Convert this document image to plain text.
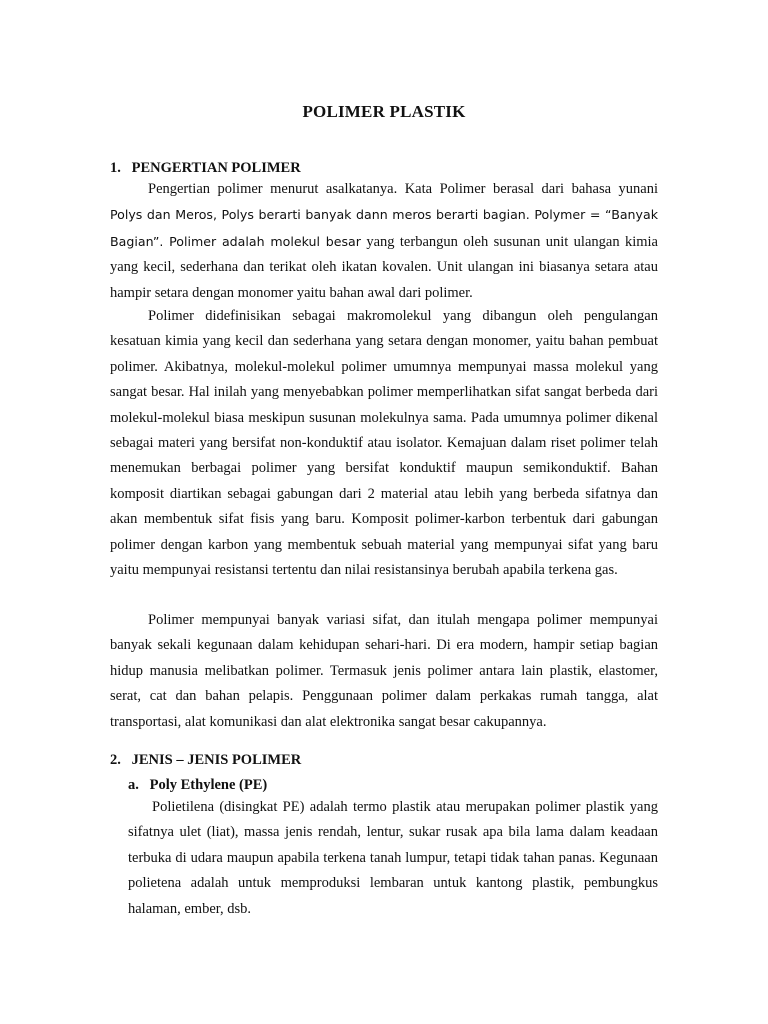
POLIMER PLASTIK
1. PENGERTIAN POLIMER

Pengertian polimer menurut asalkatanya. Kata Polimer berasal dari bahasa yunani Polys dan Meros, Polys berarti banyak dann meros berarti bagian. Polymer = “Banyak Bagian”. Polimer adalah molekul besar yang terbangun oleh susunan unit ulangan kimia yang kecil, sederhana dan terikat oleh ikatan kovalen. Unit ulangan ini biasanya setara atau hampir setara dengan monomer yaitu bahan awal dari polimer.

Polimer didefinisikan sebagai makromolekul yang dibangun oleh pengulangan kesatuan kimia yang kecil dan sederhana yang setara dengan monomer, yaitu bahan pembuat polimer. Akibatnya, molekul-molekul polimer umumnya mempunyai massa molekul yang sangat besar. Hal inilah yang menyebabkan polimer memperlihatkan sifat sangat berbeda dari molekul-molekul biasa meskipun susunan molekulnya sama. Pada umumnya polimer dikenal sebagai materi yang bersifat non-konduktif atau isolator. Kemajuan dalam riset polimer telah menemukan berbagai polimer yang bersifat konduktif maupun semikonduktif. Bahan komposit diartikan sebagai gabungan dari 2 material atau lebih yang berbeda sifatnya dan akan membentuk sifat fisis yang baru. Komposit polimer-karbon terbentuk dari gabungan polimer dengan karbon yang membentuk sebuah material yang mempunyai sifat yang baru yaitu mempunyai resistansi tertentu dan nilai resistansinya berubah apabila terkena gas.

Polimer mempunyai banyak variasi sifat, dan itulah mengapa polimer mempunyai banyak sekali kegunaan dalam kehidupan sehari-hari. Di era modern, hampir setiap bagian hidup manusia melibatkan polimer. Termasuk jenis polimer antara lain plastik, elastomer, serat, cat dan bahan pelapis. Penggunaan polimer dalam perkakas rumah tangga, alat transportasi, alat komunikasi dan alat elektronika sangat besar cakupannya.

2. JENIS – JENIS POLIMER
a. Poly Ethylene (PE)

Polietilena (disingkat PE) adalah termo plastik atau merupakan polimer plastik yang sifatnya ulet (liat), massa jenis rendah, lentur, sukar rusak apa bila lama dalam keadaan terbuka di udara maupun apabila terkena tanah lumpur, tetapi tidak tahan panas. Kegunaan polietena adalah untuk memproduksi lembaran untuk kantong plastik, pembungkus halaman, ember, dsb.
